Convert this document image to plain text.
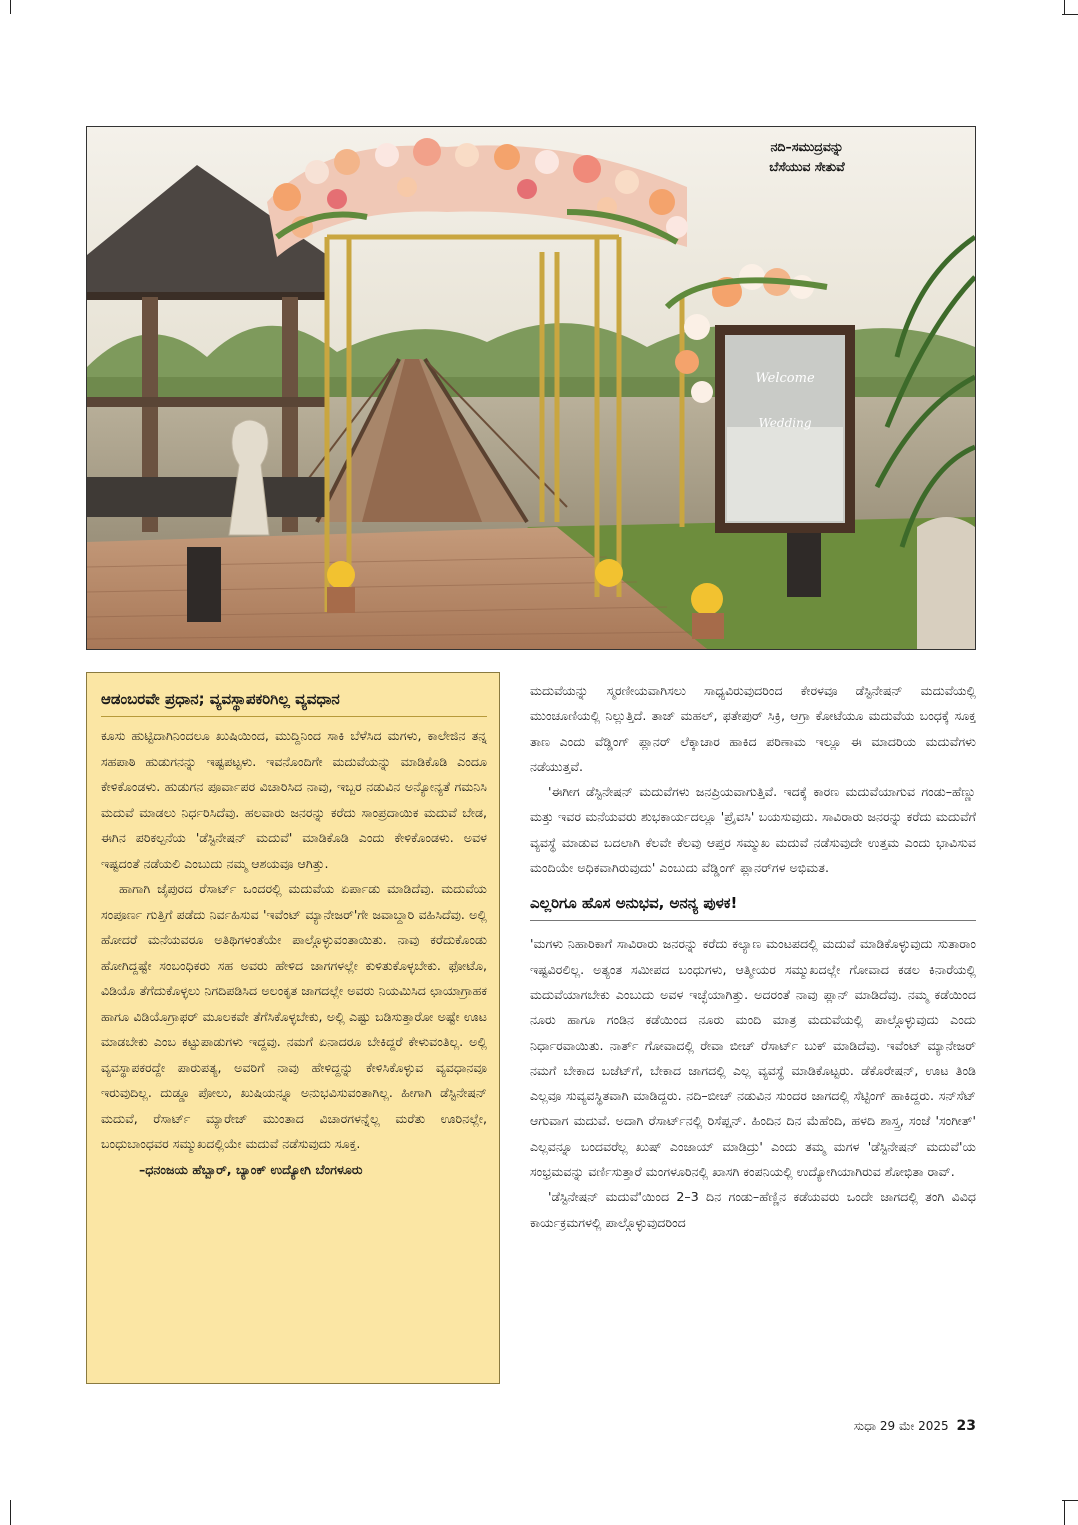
Welcome
Wedding
ನದಿ–ಸಮುದ್ರವನ್ನು
ಬೆಸೆಯುವ ಸೇತುವೆ
ಆಡಂಬರವೇ ಪ್ರಧಾನ; ವ್ಯವಸ್ಥಾಪಕರಿಗಿಲ್ಲ ವ್ಯವಧಾನ

ಕೂಸು ಹುಟ್ಟಿದಾಗಿನಿಂದಲೂ ಖುಷಿಯಿಂದ, ಮುದ್ದಿನಿಂದ ಸಾಕಿ ಬೆಳೆಸಿದ ಮಗಳು, ಕಾಲೇಜಿನ ತನ್ನ ಸಹಪಾಠಿ ಹುಡುಗನನ್ನು ಇಷ್ಟಪಟ್ಟಳು. ಇವನೊಂದಿಗೇ ಮದುವೆಯನ್ನು ಮಾಡಿಕೊಡಿ ಎಂದೂ ಕೇಳಿಕೊಂಡಳು. ಹುಡುಗನ ಪೂರ್ವಾಪರ ವಿಚಾರಿಸಿದ ನಾವು, ಇಬ್ಬರ ನಡುವಿನ ಅನ್ಯೋನ್ಯತೆ ಗಮನಿಸಿ ಮದುವೆ ಮಾಡಲು ನಿರ್ಧರಿಸಿದೆವು. ಹಲವಾರು ಜನರನ್ನು ಕರೆದು ಸಾಂಪ್ರದಾಯಿಕ ಮದುವೆ ಬೇಡ, ಈಗಿನ ಪರಿಕಲ್ಪನೆಯ 'ಡೆಸ್ಟಿನೇಷನ್ ಮದುವೆ' ಮಾಡಿಕೊಡಿ ಎಂದು ಕೇಳಿಕೊಂಡಳು. ಅವಳ ಇಷ್ಟದಂತೆ ನಡೆಯಲಿ ಎಂಬುದು ನಮ್ಮ ಆಶಯವೂ ಆಗಿತ್ತು.

ಹಾಗಾಗಿ ಜೈಪುರದ ರೆಸಾರ್ಟ್ ಒಂದರಲ್ಲಿ ಮದುವೆಯ ಏರ್ಪಾಡು ಮಾಡಿದೆವು. ಮದುವೆಯ ಸಂಪೂರ್ಣ ಗುತ್ತಿಗೆ ಪಡೆದು ನಿರ್ವಹಿಸುವ 'ಇವೆಂಟ್ ಮ್ಯಾನೇಜರ್'ಗೇ ಜವಾಬ್ದಾರಿ ವಹಿಸಿದೆವು. ಅಲ್ಲಿ ಹೋದರೆ ಮನೆಯವರೂ ಅತಿಥಿಗಳಂತೆಯೇ ಪಾಲ್ಗೊಳ್ಳುವಂತಾಯಿತು. ನಾವು ಕರೆದುಕೊಂಡು ಹೋಗಿದ್ದಷ್ಟೇ ಸಂಬಂಧಿಕರು ಸಹ ಅವರು ಹೇಳಿದ ಜಾಗಗಳಲ್ಲೇ ಕುಳಿತುಕೊಳ್ಳಬೇಕು. ಫೋಟೊ, ವಿಡಿಯೊ ತೆಗೆದುಕೊಳ್ಳಲು ನಿಗದಿಪಡಿಸಿದ ಅಲಂಕೃತ ಜಾಗದಲ್ಲೇ ಅವರು ನಿಯಮಿಸಿದ ಛಾಯಾಗ್ರಾಹಕ ಹಾಗೂ ವಿಡಿಯೊಗ್ರಾಫರ್ ಮೂಲಕವೇ ತೆಗೆಸಿಕೊಳ್ಳಬೇಕು, ಅಲ್ಲಿ ಎಷ್ಟು ಬಡಿಸುತ್ತಾರೋ ಅಷ್ಟೇ ಊಟ ಮಾಡಬೇಕು ಎಂಬ ಕಟ್ಟುಪಾಡುಗಳು ಇದ್ದವು. ನಮಗೆ ಏನಾದರೂ ಬೇಕಿದ್ದರೆ ಕೇಳುವಂತಿಲ್ಲ. ಅಲ್ಲಿ ವ್ಯವಸ್ಥಾಪಕರದ್ದೇ ಪಾರುಪತ್ಯ, ಅವರಿಗೆ ನಾವು ಹೇಳಿದ್ದನ್ನು ಕೇಳಿಸಿಕೊಳ್ಳುವ ವ್ಯವಧಾನವೂ ಇರುವುದಿಲ್ಲ. ದುಡ್ಡೂ ಪೋಲು, ಖುಷಿಯನ್ನೂ ಅನುಭವಿಸುವಂತಾಗಿಲ್ಲ. ಹೀಗಾಗಿ ಡೆಸ್ಟಿನೇಷನ್ ಮದುವೆ, ರೆಸಾರ್ಟ್ ಮ್ಯಾರೇಜ್ ಮುಂತಾದ ವಿಚಾರಗಳನ್ನೆಲ್ಲ ಮರೆತು ಊರಿನಲ್ಲೇ, ಬಂಧುಬಾಂಧವರ ಸಮ್ಮುಖದಲ್ಲಿಯೇ ಮದುವೆ ನಡೆಸುವುದು ಸೂಕ್ತ.

–ಧನಂಜಯ ಹೆಬ್ಬಾರ್, ಬ್ಯಾಂಕ್ ಉದ್ಯೋಗಿ ಬೆಂಗಳೂರು

ಮದುವೆಯನ್ನು ಸ್ಮರಣೀಯವಾಗಿಸಲು ಸಾಧ್ಯವಿರುವುದರಿಂದ ಕೇರಳವೂ ಡೆಸ್ಟಿನೇಷನ್ ಮದುವೆಯಲ್ಲಿ ಮುಂಚೂಣಿಯಲ್ಲಿ ನಿಲ್ಲುತ್ತಿದೆ. ತಾಜ್ ಮಹಲ್, ಫತೇಪುರ್ ಸಿಕ್ರಿ, ಆಗ್ರಾ ಕೋಟೆಯೂ ಮದುವೆಯ ಬಂಧಕ್ಕೆ ಸೂಕ್ತ ತಾಣ ಎಂದು ವೆಡ್ಡಿಂಗ್ ಪ್ಲಾನರ್ ಲೆಕ್ಕಾಚಾರ ಹಾಕಿದ ಪರಿಣಾಮ ಇಲ್ಲೂ ಈ ಮಾದರಿಯ ಮದುವೆಗಳು ನಡೆಯುತ್ತವೆ.

'ಈಗೀಗ ಡೆಸ್ಟಿನೇಷನ್ ಮದುವೆಗಳು ಜನಪ್ರಿಯವಾಗುತ್ತಿವೆ. ಇದಕ್ಕೆ ಕಾರಣ ಮದುವೆಯಾಗುವ ಗಂಡು–ಹೆಣ್ಣು ಮತ್ತು ಇವರ ಮನೆಯವರು ಶುಭಕಾರ್ಯದಲ್ಲೂ 'ಪ್ರೈವಸಿ' ಬಯಸುವುದು. ಸಾವಿರಾರು ಜನರನ್ನು ಕರೆದು ಮದುವೆಗೆ ವ್ಯವಸ್ಥೆ ಮಾಡುವ ಬದಲಾಗಿ ಕೆಲವೇ ಕೆಲವು ಆಪ್ತರ ಸಮ್ಮುಖ ಮದುವೆ ನಡೆಸುವುದೇ ಉತ್ತಮ ಎಂದು ಭಾವಿಸುವ ಮಂದಿಯೇ ಅಧಿಕವಾಗಿರುವುದು' ಎಂಬುದು ವೆಡ್ಡಿಂಗ್ ಪ್ಲಾನರ್‌ಗಳ ಅಭಿಮತ.

ಎಲ್ಲರಿಗೂ ಹೊಸ ಅನುಭವ, ಅನನ್ಯ ಪುಳಕ!

'ಮಗಳು ನಿಹಾರಿಕಾಗೆ ಸಾವಿರಾರು ಜನರನ್ನು ಕರೆದು ಕಲ್ಯಾಣ ಮಂಟಪದಲ್ಲಿ ಮದುವೆ ಮಾಡಿಕೊಳ್ಳುವುದು ಸುತಾರಾಂ ಇಷ್ಟವಿರಲಿಲ್ಲ. ಅತ್ಯಂತ ಸಮೀಪದ ಬಂಧುಗಳು, ಆತ್ಮೀಯರ ಸಮ್ಮುಖದಲ್ಲೇ ಗೋವಾದ ಕಡಲ ಕಿನಾರೆಯಲ್ಲಿ ಮದುವೆಯಾಗಬೇಕು ಎಂಬುದು ಅವಳ ಇಚ್ಛೆಯಾಗಿತ್ತು. ಅದರಂತೆ ನಾವು ಪ್ಲಾನ್ ಮಾಡಿದೆವು. ನಮ್ಮ ಕಡೆಯಿಂದ ನೂರು ಹಾಗೂ ಗಂಡಿನ ಕಡೆಯಿಂದ ನೂರು ಮಂದಿ ಮಾತ್ರ ಮದುವೆಯಲ್ಲಿ ಪಾಲ್ಗೊಳ್ಳುವುದು ಎಂದು ನಿರ್ಧಾರವಾಯಿತು. ನಾರ್ತ್ ಗೋವಾದಲ್ಲಿ ರೇವಾ ಬೀಚ್ ರೆಸಾರ್ಟ್ ಬುಕ್ ಮಾಡಿದೆವು. ಇವೆಂಟ್ ಮ್ಯಾನೇಜರ್ ನಮಗೆ ಬೇಕಾದ ಬಜೆಟ್‌ಗೆ, ಬೇಕಾದ ಜಾಗದಲ್ಲಿ ಎಲ್ಲ ವ್ಯವಸ್ಥೆ ಮಾಡಿಕೊಟ್ಟರು. ಡೆಕೊರೇಷನ್, ಊಟ ತಿಂಡಿ ಎಲ್ಲವೂ ಸುವ್ಯವಸ್ಥಿತವಾಗಿ ಮಾಡಿದ್ದರು. ನದಿ–ಬೀಚ್ ನಡುವಿನ ಸುಂದರ ಜಾಗದಲ್ಲಿ ಸೆಟ್ಟಿಂಗ್ ಹಾಕಿದ್ದರು. ಸನ್‌ಸೆಟ್ ಆಗುವಾಗ ಮದುವೆ. ಅದಾಗಿ ರೆಸಾರ್ಟ್‌ನಲ್ಲಿ ರಿಸೆಪ್ಷನ್. ಹಿಂದಿನ ದಿನ ಮೆಹೆಂದಿ, ಹಳದಿ ಶಾಸ್ತ್ರ, ಸಂಜೆ 'ಸಂಗೀತ್' ಎಲ್ಲವನ್ನೂ ಬಂದವರೆಲ್ಲ ಖುಷ್‌ ಎಂಜಾಯ್ ಮಾಡಿದ್ರು' ಎಂದು ತಮ್ಮ ಮಗಳ 'ಡೆಸ್ಟಿನೇಷನ್ ಮದುವೆ'ಯ ಸಂಭ್ರಮವನ್ನು ವರ್ಣಿಸುತ್ತಾರೆ ಮಂಗಳೂರಿನಲ್ಲಿ ಖಾಸಗಿ ಕಂಪನಿಯಲ್ಲಿ ಉದ್ಯೋಗಿಯಾಗಿರುವ ಶೋಭಿತಾ ರಾವ್.

'ಡೆಸ್ಟಿನೇಷನ್ ಮದುವೆ'ಯಿಂದ 2–3 ದಿನ ಗಂಡು–ಹೆಣ್ಣಿನ ಕಡೆಯವರು ಒಂದೇ ಜಾಗದಲ್ಲಿ ತಂಗಿ ವಿವಿಧ ಕಾರ್ಯಕ್ರಮಗಳಲ್ಲಿ ಪಾಲ್ಗೊಳ್ಳುವುದರಿಂದ

ಸುಧಾ 29 ಮೇ 2025 23
